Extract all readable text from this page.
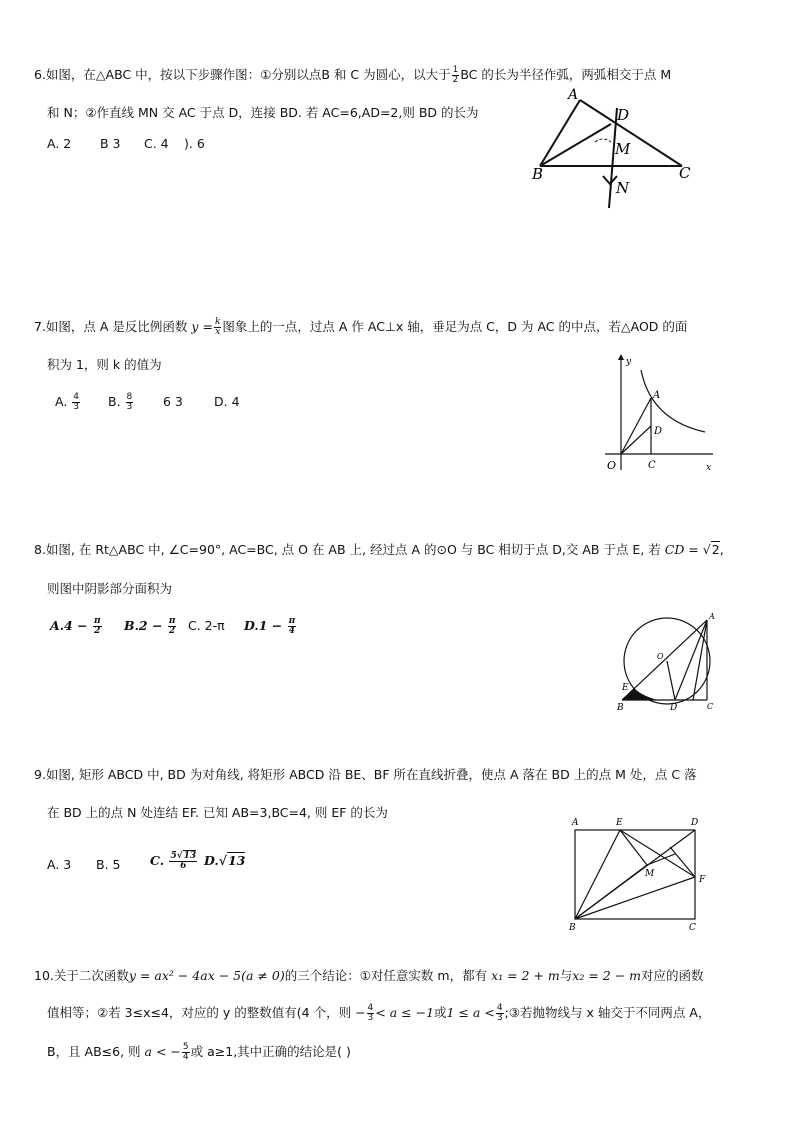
6.如图，在△ABC 中，按以下步骤作图：①分别以点B 和 C 为圆心，以大于 $\frac{1}{2}$ BC 的长为半径作弧，两弧相交于点 M
和 N；②作直线 MN 交 AC 于点 D，连接 BD. 若 AC=6,AD=2,则 BD 的长为
A. 2 B 3 C. 4 ). 6
A
D
M
B	C
N
7.如图，点 A 是反比例函数 $y = \frac{k}{x}$ 图象上的一点，过点 A 作 AC⊥x 轴，垂足为点 C，D 为 AC 的中点，若△AOD 的面
积为 1，则 k 的值为
A. $\frac{4}{3} B$. $\frac{8}{3} 6$ 3 D. 4
y
x
O
A
D
C
8.如图, 在 Rt△ABC 中, ∠C=90°, AC=BC, 点 O 在 AB 上, 经过点 A 的⊙O 与 BC 相切于点 D,交 AB 于点 E, 若 CD = √2,
则图中阴影部分面积为
$A.4 - \frac{\pi}{2} B.2 - \frac{\pi}{2} C$. 2-π $D.1 - \frac{\pi}{4}$
A
O
E
B	D	C
9.如图, 矩形 ABCD 中, BD 为对角线, 将矩形 ABCD 沿 BE、BF 所在直线折叠，使点 A 落在 BD 上的点 M 处，点 C 落
在 BD 上的点 N 处连结 EF. 已知 AB=3,BC=4, 则 EF 的长为
A. 3 B. 5 C. $\frac{5√13}{6} D.√13$
A	E	D
M
F
B	C
10.关于二次函数y = ax² − 4ax − 5(a ≠ 0)的三个结论：①对任意实数 m，都有 x₁ = 2 + m与x₂ = 2 − m对应的函数
值相等；②若 3≤x≤4，对应的 y 的整数值有(4 个，则 − $\frac{4}{3} < a \le -1$或$1 \le a < \frac{4}{3}$ ;③若抛物线与 x 轴交于不同两点 A，
B，且 AB≤6, 则 a < − $\frac{5}{4}$ 或 a≥1,其中正确的结论是( )
